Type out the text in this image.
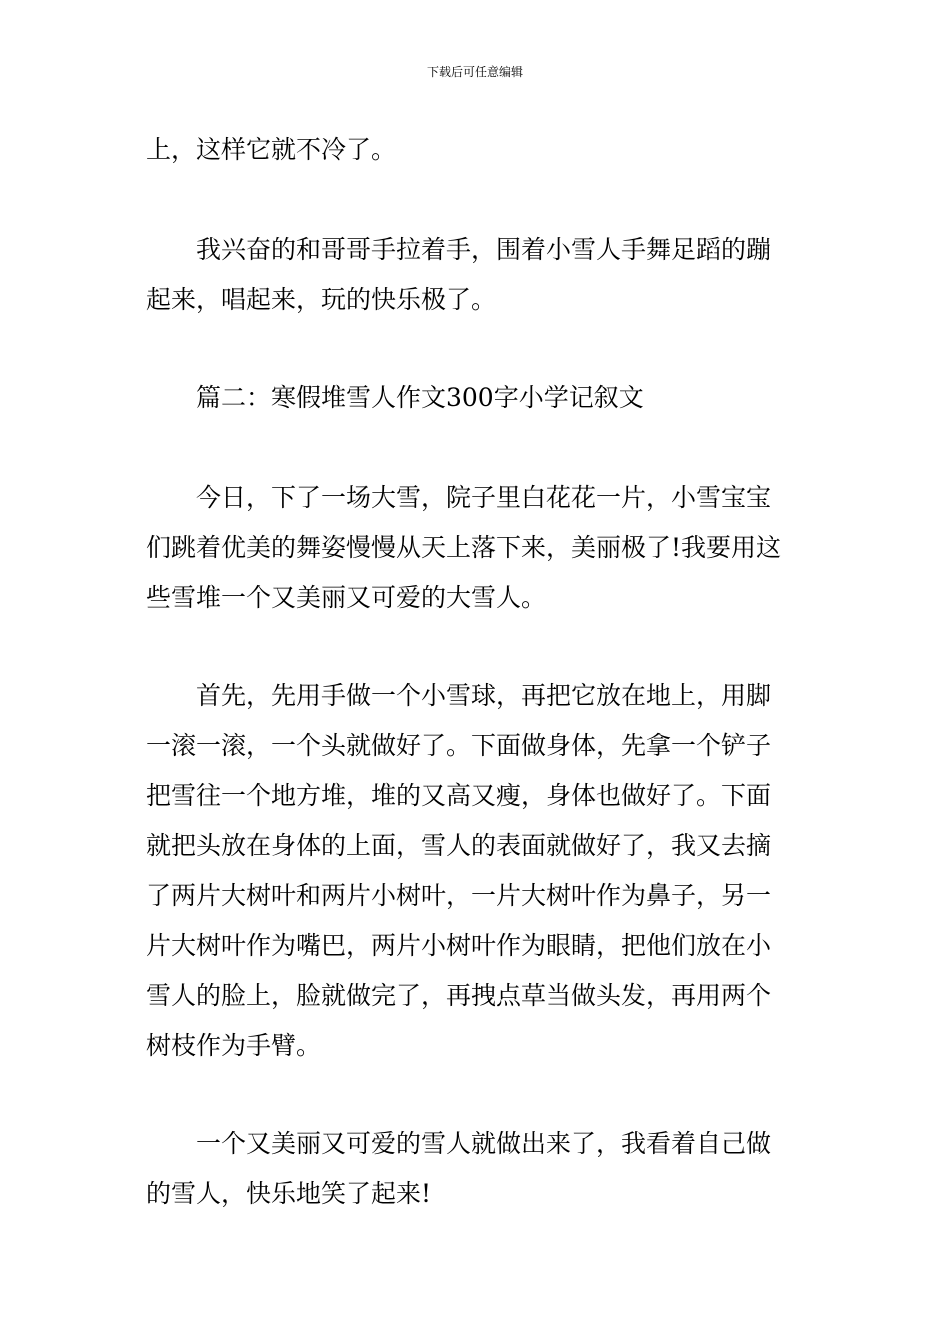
下载后可任意编辑
上，这样它就不冷了。
我兴奋的和哥哥手拉着手，围着小雪人手舞足蹈的蹦
起来，唱起来，玩的快乐极了。
篇二：寒假堆雪人作文300字小学记叙文
今日，下了一场大雪，院子里白花花一片，小雪宝宝
们跳着优美的舞姿慢慢从天上落下来，美丽极了!我要用这
些雪堆一个又美丽又可爱的大雪人。
首先，先用手做一个小雪球，再把它放在地上，用脚
一滚一滚，一个头就做好了。下面做身体，先拿一个铲子
把雪往一个地方堆，堆的又高又瘦，身体也做好了。下面
就把头放在身体的上面，雪人的表面就做好了，我又去摘
了两片大树叶和两片小树叶，一片大树叶作为鼻子，另一
片大树叶作为嘴巴，两片小树叶作为眼睛，把他们放在小
雪人的脸上，脸就做完了，再拽点草当做头发，再用两个
树枝作为手臂。
一个又美丽又可爱的雪人就做出来了，我看着自己做
的雪人，快乐地笑了起来!
